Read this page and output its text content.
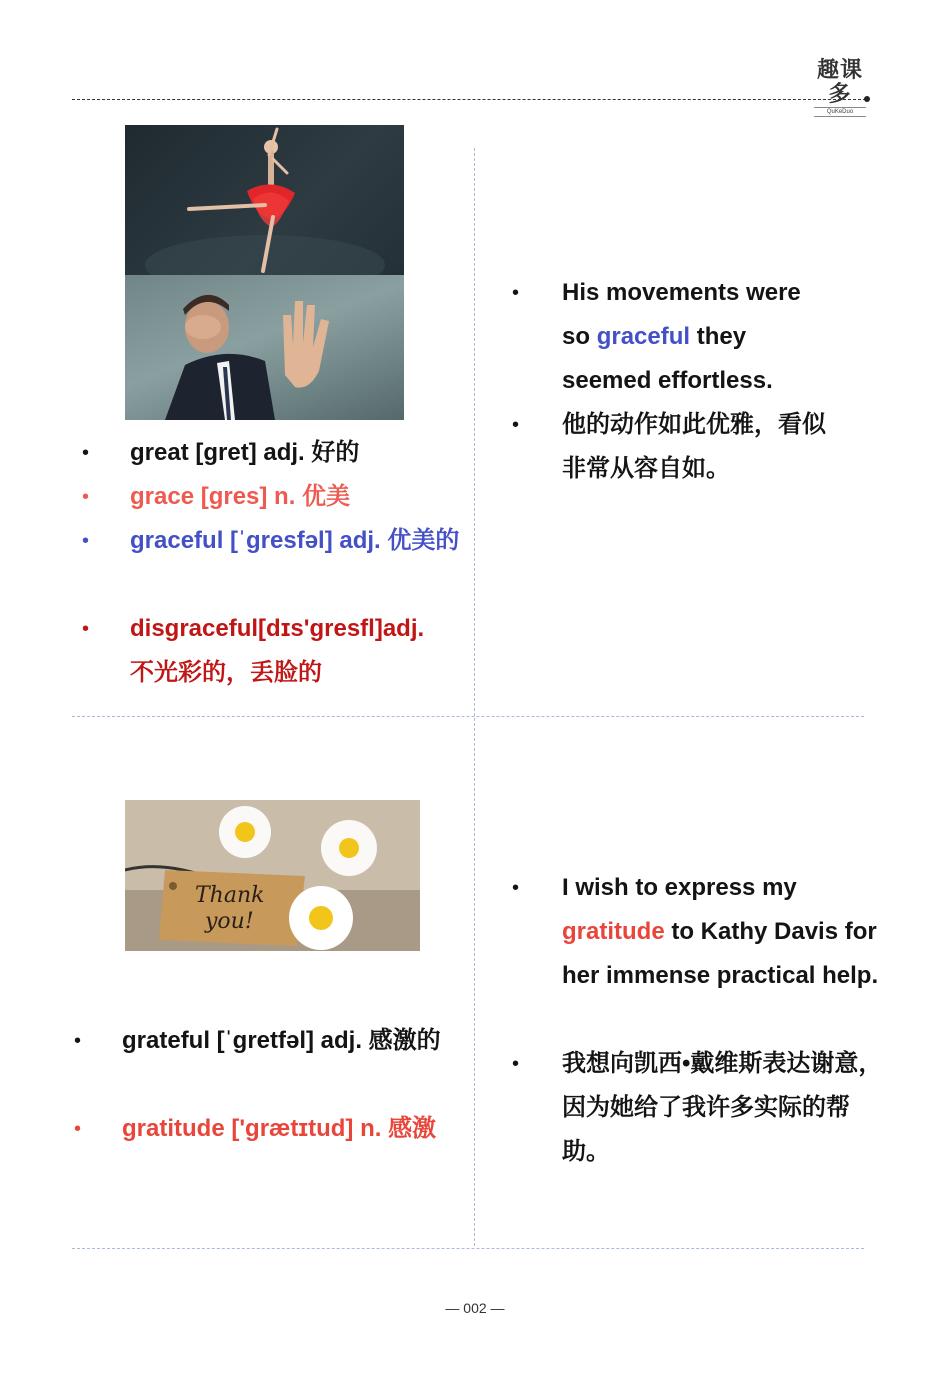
趣课多
QuKeDuo
• great [gret] adj. 好的
• grace [gres] n. 优美
• graceful [ˈɡresfəl] adj. 优美的
• disgraceful[dɪs'gresfl]adj. 不光彩的，丢脸的
• His movements were so graceful they seemed effortless.
• 他的动作如此优雅，看似非常从容自如。
Thank
you!
• grateful [ˈɡretfəl] adj. 感激的
• gratitude ['grætɪtud] n. 感激
• I wish to express my gratitude to Kathy Davis for her immense practical help.
• 我想向凯西•戴维斯表达谢意，因为她给了我许多实际的帮助。
— 002 —
